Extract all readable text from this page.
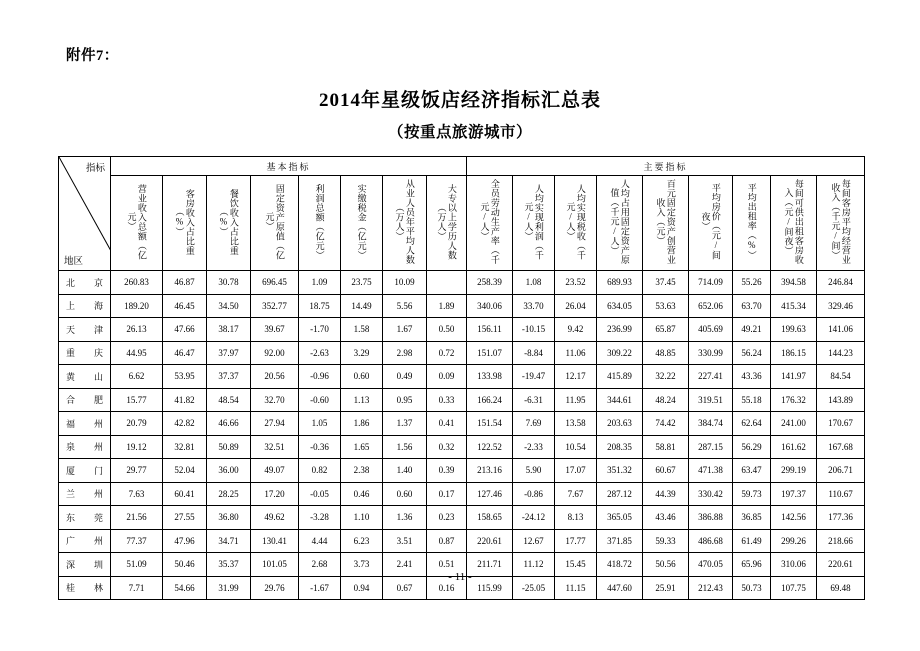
附件7：
2014年星级饭店经济指标汇总表
（按重点旅游城市）
指标
地区	基本指标								主要指标								
	营业收入总额（亿元）	客房收入占比重（%）	餐饮收入占比重（%）	固定资产原值（亿元）	利润总额（亿元）	实缴税金（亿元）	从业人员年平均人数（万人）	大专以上学历人数（万人）	全员劳动生产率（千元/人）	人均实现利润（千元/人）	人均实现税收（千元/人）	人均占用固定资产原值（千元/人）	百元固定资产创营业收入（元）	平均房价（元/间夜）	平均出租率（%）	每间可供出租客房收入（元/间夜）	每间客房平均经营业收入（千元/间）
北　京	260.83	46.87	30.78	696.45	1.09	23.75	10.09		258.39	1.08	23.52	689.93	37.45	714.09	55.26	394.58	246.84
上　海	189.20	46.45	34.50	352.77	18.75	14.49	5.56	1.89	340.06	33.70	26.04	634.05	53.63	652.06	63.70	415.34	329.46
天　津	26.13	47.66	38.17	39.67	-1.70	1.58	1.67	0.50	156.11	-10.15	9.42	236.99	65.87	405.69	49.21	199.63	141.06
重　庆	44.95	46.47	37.97	92.00	-2.63	3.29	2.98	0.72	151.07	-8.84	11.06	309.22	48.85	330.99	56.24	186.15	144.23
黄　山	6.62	53.95	37.37	20.56	-0.96	0.60	0.49	0.09	133.98	-19.47	12.17	415.89	32.22	227.41	43.36	141.97	84.54
合　肥	15.77	41.82	48.54	32.70	-0.60	1.13	0.95	0.33	166.24	-6.31	11.95	344.61	48.24	319.51	55.18	176.32	143.89
福　州	20.79	42.82	46.66	27.94	1.05	1.86	1.37	0.41	151.54	7.69	13.58	203.63	74.42	384.74	62.64	241.00	170.67
泉　州	19.12	32.81	50.89	32.51	-0.36	1.65	1.56	0.32	122.52	-2.33	10.54	208.35	58.81	287.15	56.29	161.62	167.68
厦　门	29.77	52.04	36.00	49.07	0.82	2.38	1.40	0.39	213.16	5.90	17.07	351.32	60.67	471.38	63.47	299.19	206.71
兰　州	7.63	60.41	28.25	17.20	-0.05	0.46	0.60	0.17	127.46	-0.86	7.67	287.12	44.39	330.42	59.73	197.37	110.67
东　莞	21.56	27.55	36.80	49.62	-3.28	1.10	1.36	0.23	158.65	-24.12	8.13	365.05	43.46	386.88	36.85	142.56	177.36
广　州	77.37	47.96	34.71	130.41	4.44	6.23	3.51	0.87	220.61	12.67	17.77	371.85	59.33	486.68	61.49	299.26	218.66
深　圳	51.09	50.46	35.37	101.05	2.68	3.73	2.41	0.51	211.71	11.12	15.45	418.72	50.56	470.05	65.96	310.06	220.61
桂　林	7.71	54.66	31.99	29.76	-1.67	0.94	0.67	0.16	115.99	-25.05	11.15	447.60	25.91	212.43	50.73	107.75	69.48
- 11 -
